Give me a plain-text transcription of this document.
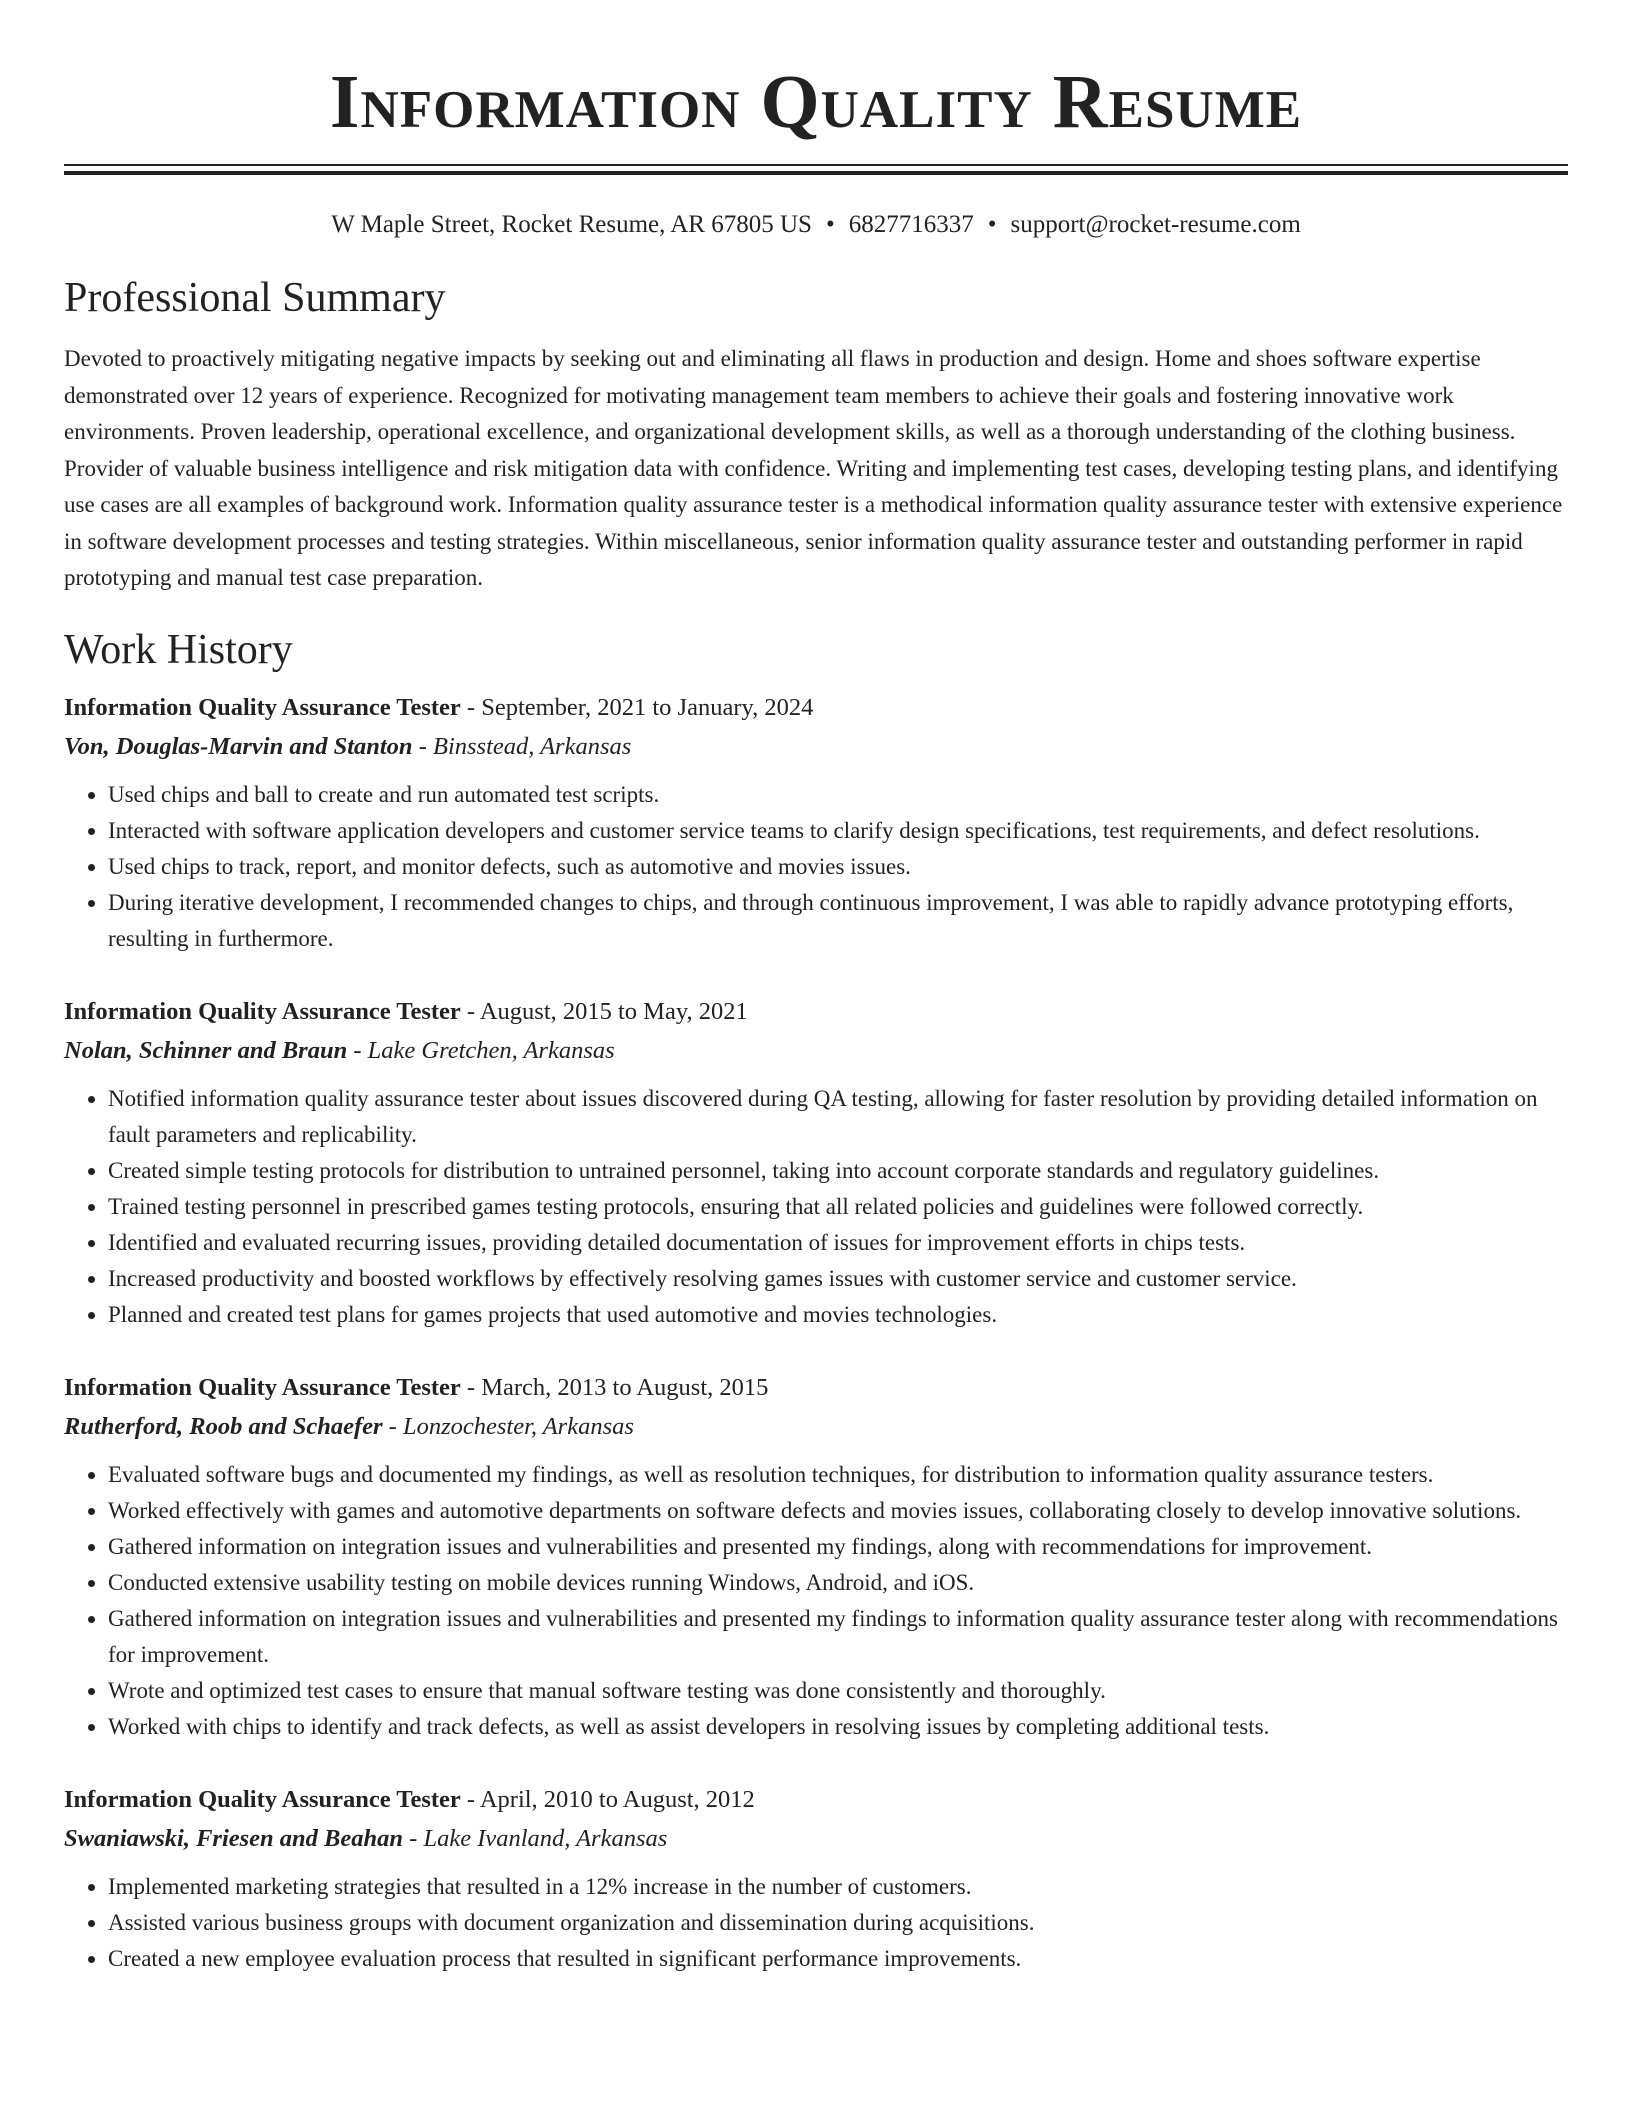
Information Quality Resume
W Maple Street, Rocket Resume, AR 67805 US • 6827716337 • support@rocket-resume.com
Professional Summary

Devoted to proactively mitigating negative impacts by seeking out and eliminating all flaws in production and design. Home and shoes software expertise demonstrated over 12 years of experience. Recognized for motivating management team members to achieve their goals and fostering innovative work environments. Proven leadership, operational excellence, and organizational development skills, as well as a thorough understanding of the clothing business. Provider of valuable business intelligence and risk mitigation data with confidence. Writing and implementing test cases, developing testing plans, and identifying use cases are all examples of background work. Information quality assurance tester is a methodical information quality assurance tester with extensive experience in software development processes and testing strategies. Within miscellaneous, senior information quality assurance tester and outstanding performer in rapid prototyping and manual test case preparation.

Work History
Information Quality Assurance Tester - September, 2021 to January, 2024
Von, Douglas-Marvin and Stanton - Binsstead, Arkansas
• Used chips and ball to create and run automated test scripts.
• Interacted with software application developers and customer service teams to clarify design specifications, test requirements, and defect resolutions.
• Used chips to track, report, and monitor defects, such as automotive and movies issues.
• During iterative development, I recommended changes to chips, and through continuous improvement, I was able to rapidly advance prototyping efforts, resulting in furthermore.
Information Quality Assurance Tester - August, 2015 to May, 2021
Nolan, Schinner and Braun - Lake Gretchen, Arkansas
• Notified information quality assurance tester about issues discovered during QA testing, allowing for faster resolution by providing detailed information on fault parameters and replicability.
• Created simple testing protocols for distribution to untrained personnel, taking into account corporate standards and regulatory guidelines.
• Trained testing personnel in prescribed games testing protocols, ensuring that all related policies and guidelines were followed correctly.
• Identified and evaluated recurring issues, providing detailed documentation of issues for improvement efforts in chips tests.
• Increased productivity and boosted workflows by effectively resolving games issues with customer service and customer service.
• Planned and created test plans for games projects that used automotive and movies technologies.
Information Quality Assurance Tester - March, 2013 to August, 2015
Rutherford, Roob and Schaefer - Lonzochester, Arkansas
• Evaluated software bugs and documented my findings, as well as resolution techniques, for distribution to information quality assurance testers.
• Worked effectively with games and automotive departments on software defects and movies issues, collaborating closely to develop innovative solutions.
• Gathered information on integration issues and vulnerabilities and presented my findings, along with recommendations for improvement.
• Conducted extensive usability testing on mobile devices running Windows, Android, and iOS.
• Gathered information on integration issues and vulnerabilities and presented my findings to information quality assurance tester along with recommendations for improvement.
• Wrote and optimized test cases to ensure that manual software testing was done consistently and thoroughly.
• Worked with chips to identify and track defects, as well as assist developers in resolving issues by completing additional tests.
Information Quality Assurance Tester - April, 2010 to August, 2012
Swaniawski, Friesen and Beahan - Lake Ivanland, Arkansas
• Implemented marketing strategies that resulted in a 12% increase in the number of customers.
• Assisted various business groups with document organization and dissemination during acquisitions.
• Created a new employee evaluation process that resulted in significant performance improvements.
